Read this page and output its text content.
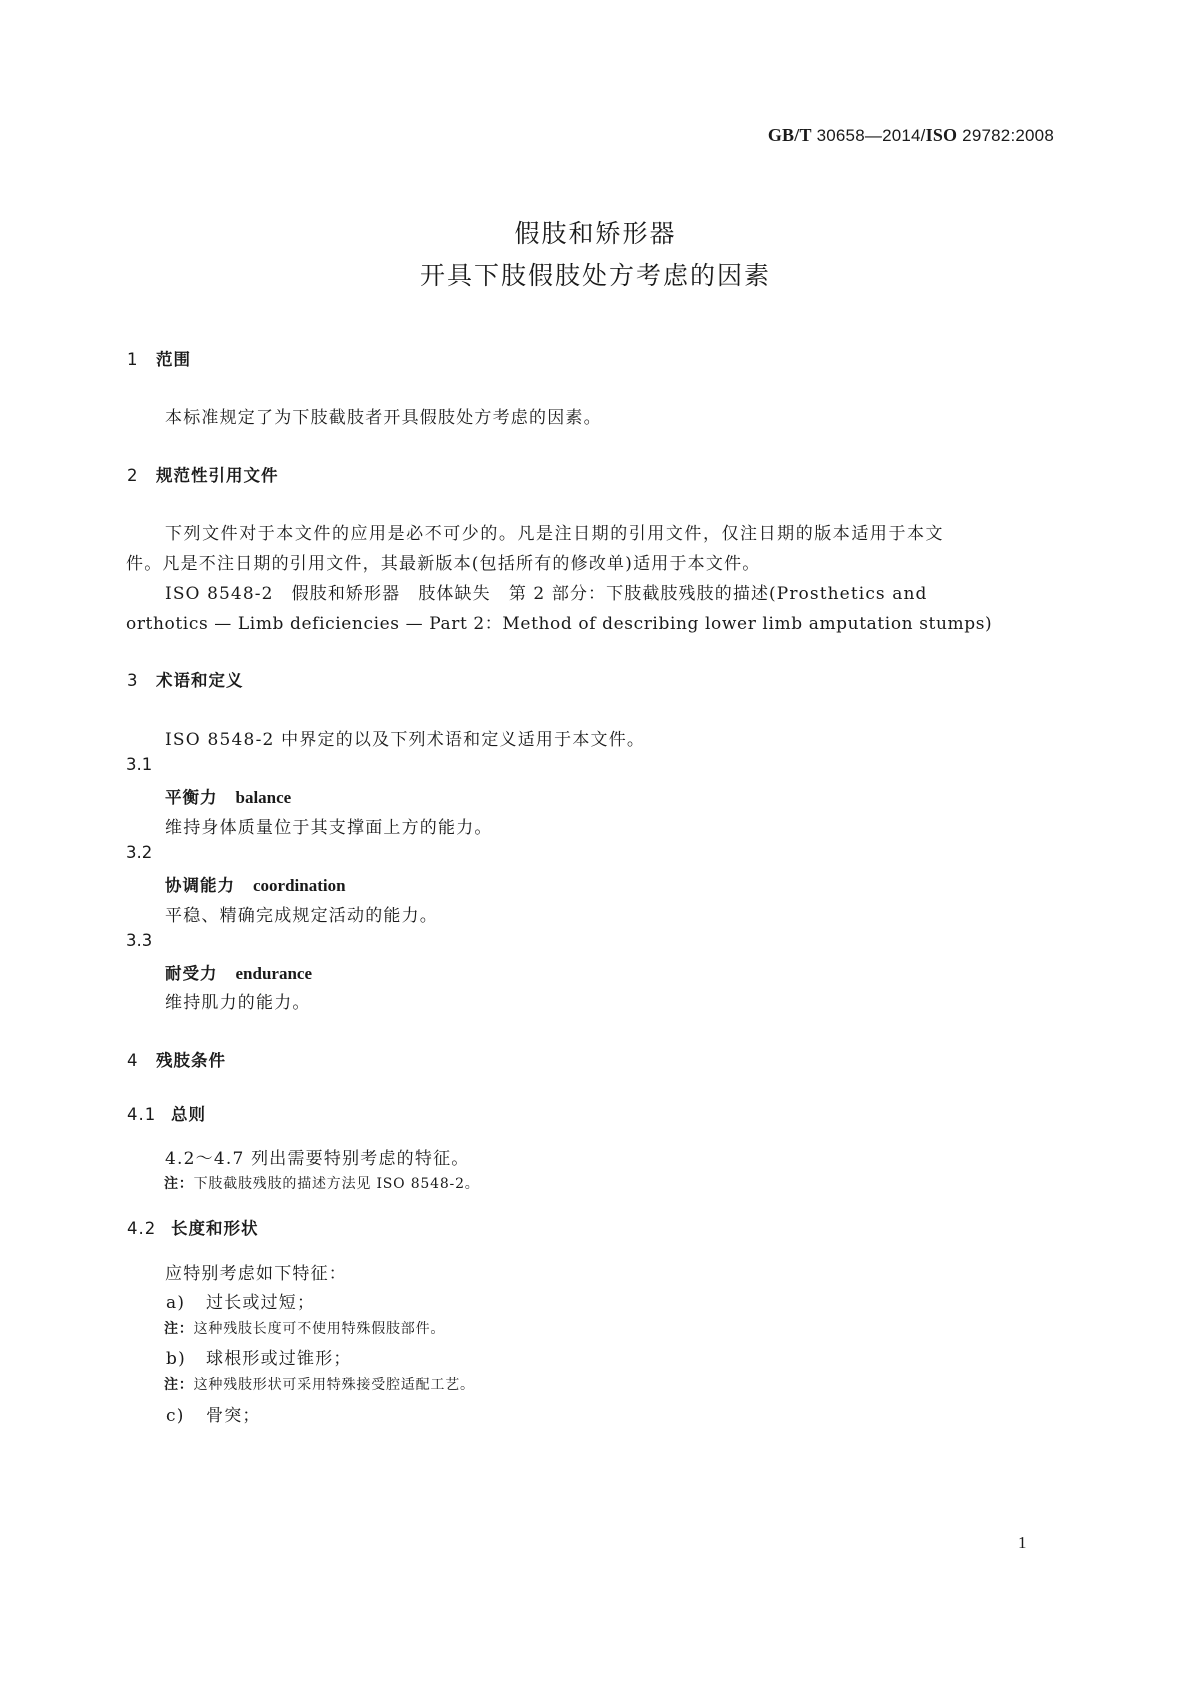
GB/T 30658—2014/ISO 29782:2008
假肢和矫形器
开具下肢假肢处方考虑的因素
1 范围
本标准规定了为下肢截肢者开具假肢处方考虑的因素。
2 规范性引用文件
下列文件对于本文件的应用是必不可少的。凡是注日期的引用文件，仅注日期的版本适用于本文
件。凡是不注日期的引用文件，其最新版本(包括所有的修改单)适用于本文件。
ISO 8548-2　假肢和矫形器　肢体缺失　第 2 部分：下肢截肢残肢的描述(Prosthetics and
orthotics — Limb deficiencies — Part 2：Method of describing lower limb amputation stumps)
3 术语和定义
ISO 8548-2 中界定的以及下列术语和定义适用于本文件。
3.1
平衡力 balance
维持身体质量位于其支撑面上方的能力。
3.2
协调能力 coordination
平稳、精确完成规定活动的能力。
3.3
耐受力 endurance
维持肌力的能力。
4 残肢条件
4.1 总则
4.2～4.7 列出需要特别考虑的特征。
注：下肢截肢残肢的描述方法见 ISO 8548-2。
4.2 长度和形状
应特别考虑如下特征：
a) 过长或过短；
注：这种残肢长度可不使用特殊假肢部件。
b) 球根形或过锥形；
注：这种残肢形状可采用特殊接受腔适配工艺。
c) 骨突；
1
